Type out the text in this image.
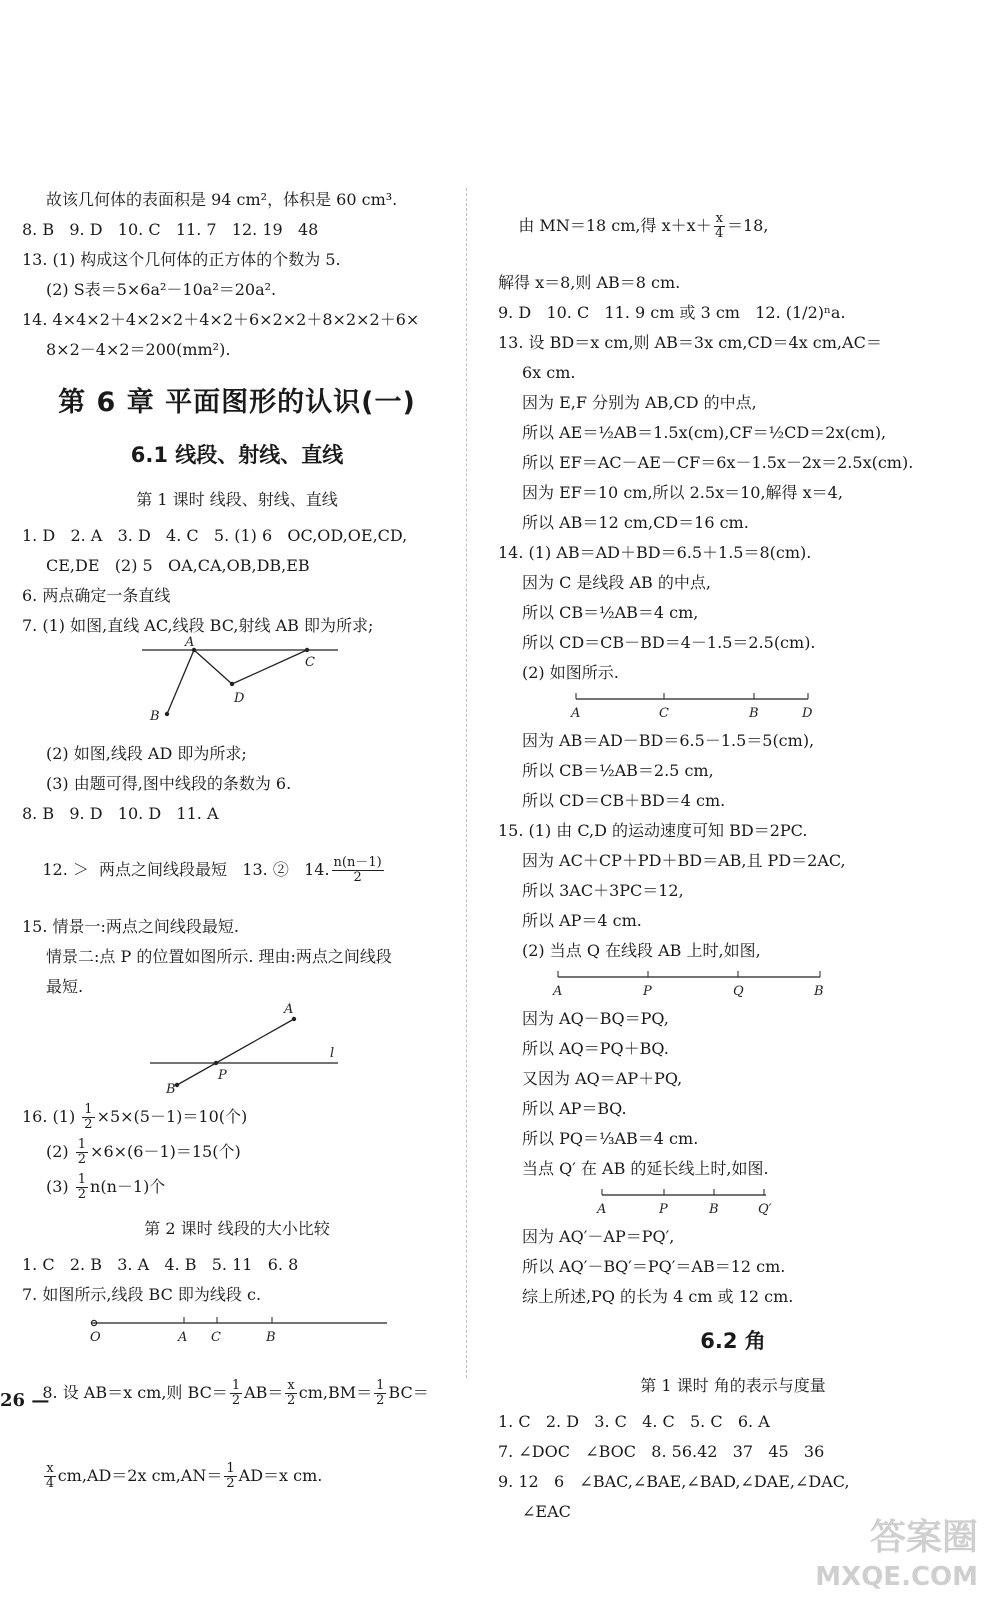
故该几何体的表面积是 94 cm²，体积是 60 cm³.
8. B   9. D   10. C   11. 7   12. 19   48
13. (1) 构成这个几何体的正方体的个数为 5.
(2) S表＝5×6a²－10a²＝20a².
14. 4×4×2＋4×2×2＋4×2＋6×2×2＋8×2×2＋6×
8×2－4×2＝200(mm²).
第 6 章 平面图形的认识(一)
6.1 线段、射线、直线
第 1 课时 线段、射线、直线
1. D   2. A   3. D   4. C   5. (1) 6   OC,OD,OE,CD,
CE,DE   (2) 5   OA,CA,OB,DB,EB
6. 两点确定一条直线
7. (1) 如图,直线 AC,线段 BC,射线 AB 即为所求;
A
C
D
B
(2) 如图,线段 AD 即为所求;
(3) 由题可得,图中线段的条数为 6.
8. B   9. D   10. D   11. A

12. ＞  两点之间线段最短   13. ②   14. $\frac{n(n-1)}{2}$

15. 情景一:两点之间线段最短.
情景二:点 P 的位置如图所示. 理由:两点之间线段
最短.
A
P
B
l
16. $(1) \frac{1}{2} \times 5\times(5-1)=10$(个)
$(2) \frac{1}{2} \times 6\times(6-1)=15$(个)
$(3) \frac{1}{2} n(n-1)$个
第 2 课时 线段的大小比较
1. C   2. B   3. A   4. B   5. 11   6. 8
7. 如图所示,线段 BC 即为线段 c.
O	A C	B

8. 设 AB＝x cm,则 $BC= \frac{1}{2} AB= \frac{x}{2} cm,BM= \frac{1}{2} BC=$

$\frac{x}{4} cm,AD=2x$ $cm,AN= \frac{1}{2} AD=x$ cm.

由 MN＝18 cm,得 $x+x+ \frac{x}{4} =18$,

解得 x＝8,则 AB＝8 cm.
9. D   10. C   11. 9 cm 或 3 cm   12. (1/2)ⁿa.
13. 设 BD＝x cm,则 AB＝3x cm,CD＝4x cm,AC＝
6x cm.
因为 E,F 分别为 AB,CD 的中点,
所以 AE＝½AB＝1.5x(cm),CF＝½CD＝2x(cm),
所以 EF＝AC－AE－CF＝6x－1.5x－2x＝2.5x(cm).
因为 EF＝10 cm,所以 2.5x＝10,解得 x＝4,
所以 AB＝12 cm,CD＝16 cm.
14. (1) AB＝AD＋BD＝6.5＋1.5＝8(cm).
因为 C 是线段 AB 的中点,
所以 CB＝½AB＝4 cm,
所以 CD＝CB－BD＝4－1.5＝2.5(cm).
(2) 如图所示.
A	C	B	D
因为 AB＝AD－BD＝6.5－1.5＝5(cm),
所以 CB＝½AB＝2.5 cm,
所以 CD＝CB＋BD＝4 cm.
15. (1) 由 C,D 的运动速度可知 BD＝2PC.
因为 AC＋CP＋PD＋BD＝AB,且 PD＝2AC,
所以 3AC＋3PC＝12,
所以 AP＝4 cm.
(2) 当点 Q 在线段 AB 上时,如图,
A	P	Q	B
因为 AQ－BQ＝PQ,
所以 AQ＝PQ＋BQ.
又因为 AQ＝AP＋PQ,
所以 AP＝BQ.
所以 PQ＝⅓AB＝4 cm.
当点 Q′ 在 AB 的延长线上时,如图.
A	P	B	Q′
因为 AQ′－AP＝PQ′,
所以 AQ′－BQ′＝PQ′＝AB＝12 cm.
综上所述,PQ 的长为 4 cm 或 12 cm.
6.2 角
第 1 课时 角的表示与度量
1. C   2. D   3. C   4. C   5. C   6. A
7. ∠DOC   ∠BOC   8. 56.42   37   45   36
9. 12   6   ∠BAC,∠BAE,∠BAD,∠DAE,∠DAC,
∠EAC
26 —
答案圈
MXQE.COM
